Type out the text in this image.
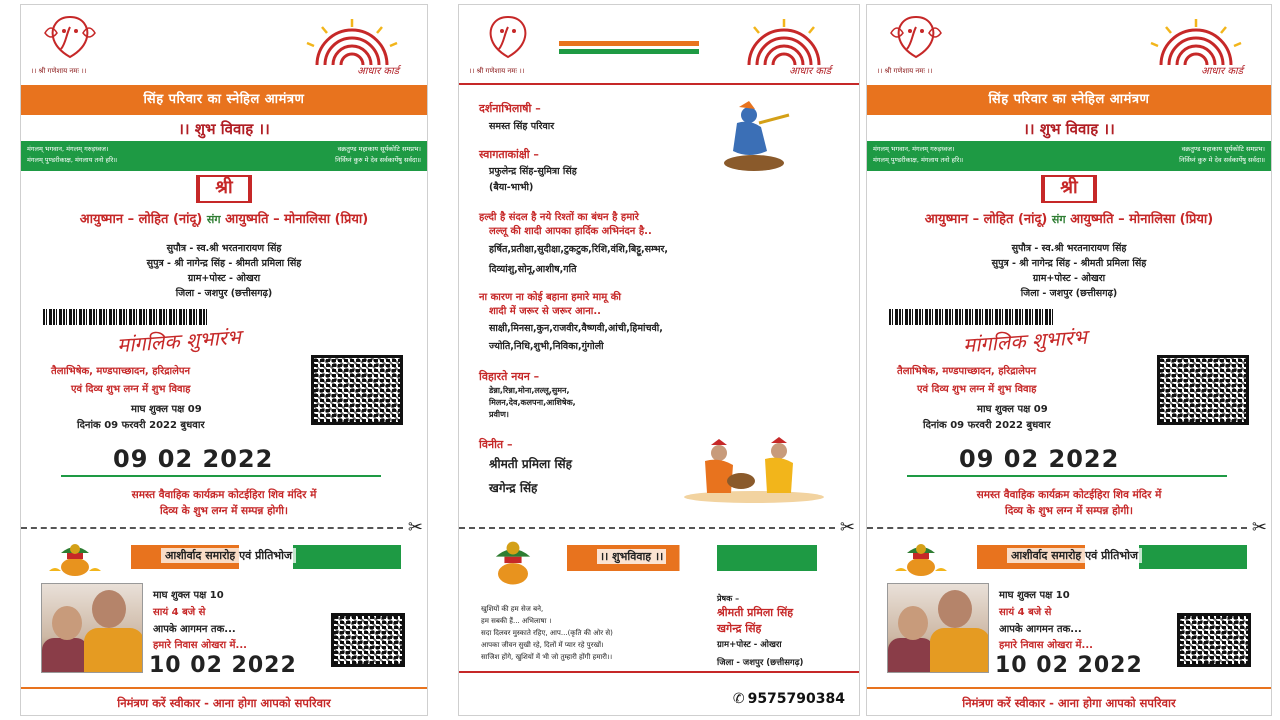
।। श्री गणेशाय नमः ।।	आधार कार्ड
सिंह परिवार का स्नेहिल आमंत्रण
।। शुभ विवाह ।।
मंगलम् भगवान, मंगलम् गरुड़ध्वज।
मंगलम् पुण्डरीकाक्ष, मंगलाय तनो हरि॥
वक्रतुण्ड महाकाय सूर्यकोटि समप्रभ।
निर्विघ्नं कुरु मे देव सर्वकार्येषु सर्वदा॥
श्री
आयुष्मान – लोहित (नांदू) संग आयुष्मति – मोनालिसा (प्रिया)
सुपौत्र - स्व.श्री भरतनारायण सिंह
सुपुत्र - श्री नागेन्द्र सिंह - श्रीमती प्रमिला सिंह
ग्राम+पोस्ट - ओखरा
जिला - जशपुर (छत्तीसगढ़)
मांगलिक शुभारंभ
तैलाभिषेक, मण्डपाच्छादन, हरिद्राले‍पन
एवं दिव्य शुभ लग्न में शुभ विवाह
माघ शुक्ल पक्ष 09
दिनांक 09 फरवरी 2022 बुधवार
09 02 2022
समस्त वैवाहिक कार्यक्रम कोटईहिरा शिव मंदिर में
दिव्य के शुभ लग्न में सम्पन्न होगी।
✂
आशीर्वाद समारोह एवं प्रीतिभोज
माघ शुक्ल पक्ष 10
सायं 4 बजे से
आपके आगमन तक...
हमारे निवास ओखरा में...
10 02 2022
निमंत्रण करें स्वीकार - आना होगा आपको सपरिवार
।। श्री गणेशाय नमः ।।	आधार कार्ड
दर्शनाभिलाषी –
समस्त सिंह परिवार
स्वागताकांक्षी –
प्रफुलेन्द्र सिंह-सुमित्रा सिंह
(बैया-भाभी)
हल्दी है संदल है नये रिश्तों का बंधन है हमारे
लल्लू की शादी आपका हार्दिक अभिनंदन है..
हर्षित,प्रतीक्षा,सुदीक्षा,टुकटुक,रिशि,वंशि,बिट्टू,सम्भर,
दिव्यांशु,सोनू,आशीष,गति
ना कारण ना कोई बहाना हमारे मामू की
शादी में जरूर से जरूर आना..
साक्षी,मिनसा,कुन,राजवीर,वैष्णवी,आंची,हिमांचवी,
ज्योति,निधि,शुभी,निविका,गुंगोली
विहारते नयन –
डेन्ना,रिन्ना,मोना,लल्लू,सुमन,
मिलन,देव,कलपना,आशिषेक,
प्रवीण।
विनीत –
श्रीमती प्रमिला सिंह
खगेन्द्र सिंह
✂
।। शुभविवाह ।।
खुशियों की हम सेज बने,
हम सबकी हैं... अभिलाषा ।
सदा दिलवर मुस्काते रहिए, आप...(कृति की ओर से)
आपका जीवन सुखी रहे, दिलों में प्यार रहे पुरखों।
साजिश होंगे, खुशियों में भी जो तुम्हारी होंगी हमारी।।
प्रेषक –
श्रीमती प्रमिला सिंह
खगेन्द्र सिंह
ग्राम+पोस्ट - ओखरा
जिला - जशपुर (छत्तीसगढ़)
✆ 9575790384
।। श्री गणेशाय नमः ।।	आधार कार्ड
सिंह परिवार का स्नेहिल आमंत्रण
।। शुभ विवाह ।।
मंगलम् भगवान, मंगलम् गरुड़ध्वज।
मंगलम् पुण्डरीकाक्ष, मंगलाय तनो हरि॥
वक्रतुण्ड महाकाय सूर्यकोटि समप्रभ।
निर्विघ्नं कुरु मे देव सर्वकार्येषु सर्वदा॥
श्री
आयुष्मान – लोहित (नांदू) संग आयुष्मति – मोनालिसा (प्रिया)
सुपौत्र - स्व.श्री भरतनारायण सिंह
सुपुत्र - श्री नागेन्द्र सिंह - श्रीमती प्रमिला सिंह
ग्राम+पोस्ट - ओखरा
जिला - जशपुर (छत्तीसगढ़)
मांगलिक शुभारंभ
तैलाभिषेक, मण्डपाच्छादन, हरिद्राले‍पन
एवं दिव्य शुभ लग्न में शुभ विवाह
माघ शुक्ल पक्ष 09
दिनांक 09 फरवरी 2022 बुधवार
09 02 2022
समस्त वैवाहिक कार्यक्रम कोटईहिरा शिव मंदिर में
दिव्य के शुभ लग्न में सम्पन्न होगी।
✂
आशीर्वाद समारोह एवं प्रीतिभोज
माघ शुक्ल पक्ष 10
सायं 4 बजे से
आपके आगमन तक...
हमारे निवास ओखरा में...
10 02 2022
निमंत्रण करें स्वीकार - आना होगा आपको सपरिवार
